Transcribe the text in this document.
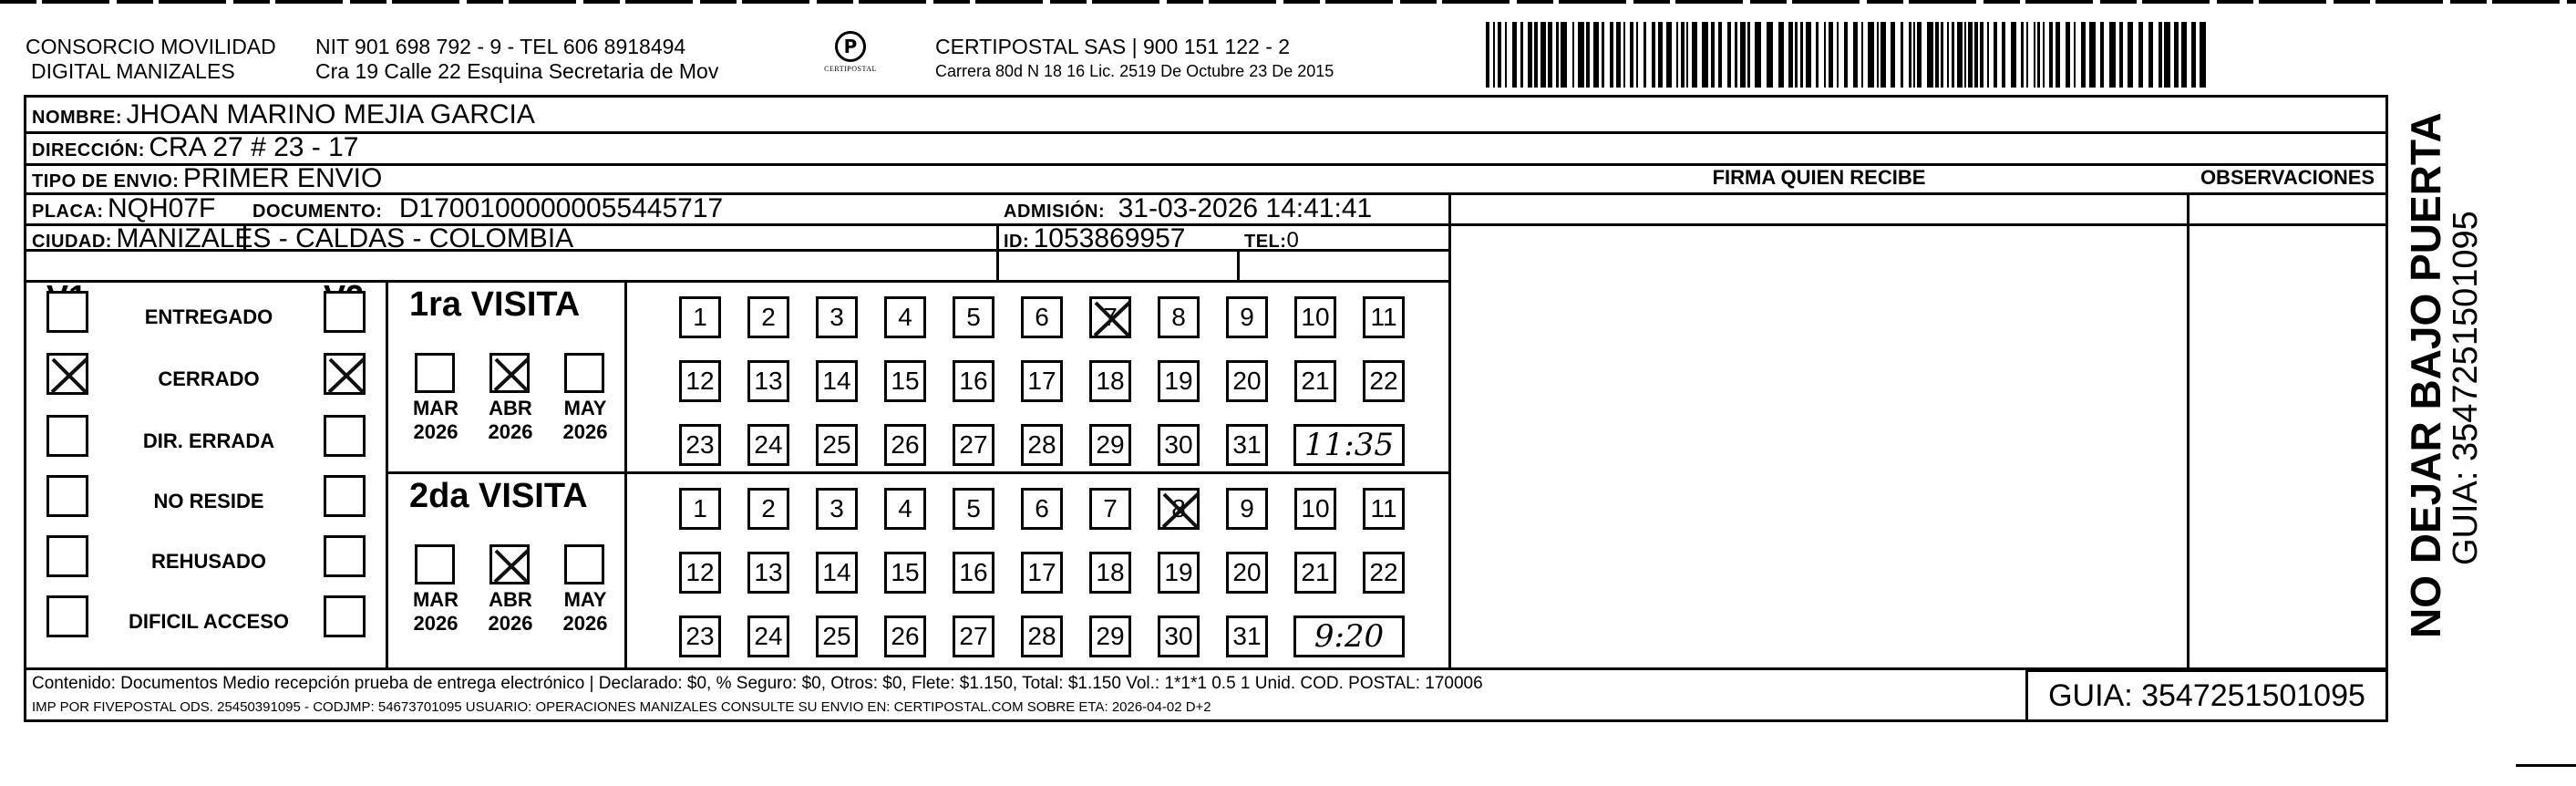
CONSORCIO MOVILIDAD
DIGITAL MANIZALES
NIT 901 698 792 - 9 - TEL 606 8918494
Cra 19 Calle 22 Esquina Secretaria de Mov
P
CERTIPOSTAL
CERTIPOSTAL SAS | 900 151 122 - 2
Carrera 80d N 18 16 Lic. 2519 De Octubre 23 De 2015
NOMBRE: JHOAN MARINO MEJIA GARCIA
DIRECCIÓN: CRA 27 # 23 - 17
TIPO DE ENVIO: PRIMER ENVIO
PLACA: NQH07F DOCUMENTO: D17001000000055445717	ADMISIÓN: 31-03-2026 14:41:41
CIUDAD: MANIZALES - CALDAS - COLOMBIA	ID: 1053869957	TEL:0
FIRMA QUIEN RECIBE	OBSERVACIONES
ENTREGADO
CERRADO
DIR. ERRADA
NO RESIDE
REHUSADO
DIFICIL ACCESO
1ra VISITA
MAR
2026
ABR
2026
MAY
2026
2da VISITA
MAR
2026
ABR
2026
MAY
2026
1	2	3	4	5	6	7	8	9	10	11
12 13 14 15 16 17 18 19 20 21 22
23 24 25 26 27 28 29 30 31	11:35
1	2	3	4	5	6	7	8	9	10	11
12 13 14 15 16 17 18 19 20 21 22
23 24 25 26 27 28 29 30 31	9:20
Contenido: Documentos Medio recepción prueba de entrega electrónico | Declarado: $0, % Seguro: $0, Otros: $0, Flete: $1.150, Total: $1.150 Vol.: 1*1*1 0.5 1 Unid. COD. POSTAL: 170006
IMP POR FIVEPOSTAL ODS. 25450391095 - CODJMP: 54673701095 USUARIO: OPERACIONES MANIZALES CONSULTE SU ENVIO EN: CERTIPOSTAL.COM SOBRE ETA: 2026-04-02 D+2	GUIA: 3547251501095
NO DEJAR BAJO PUERTA
GUIA: 3547251501095
